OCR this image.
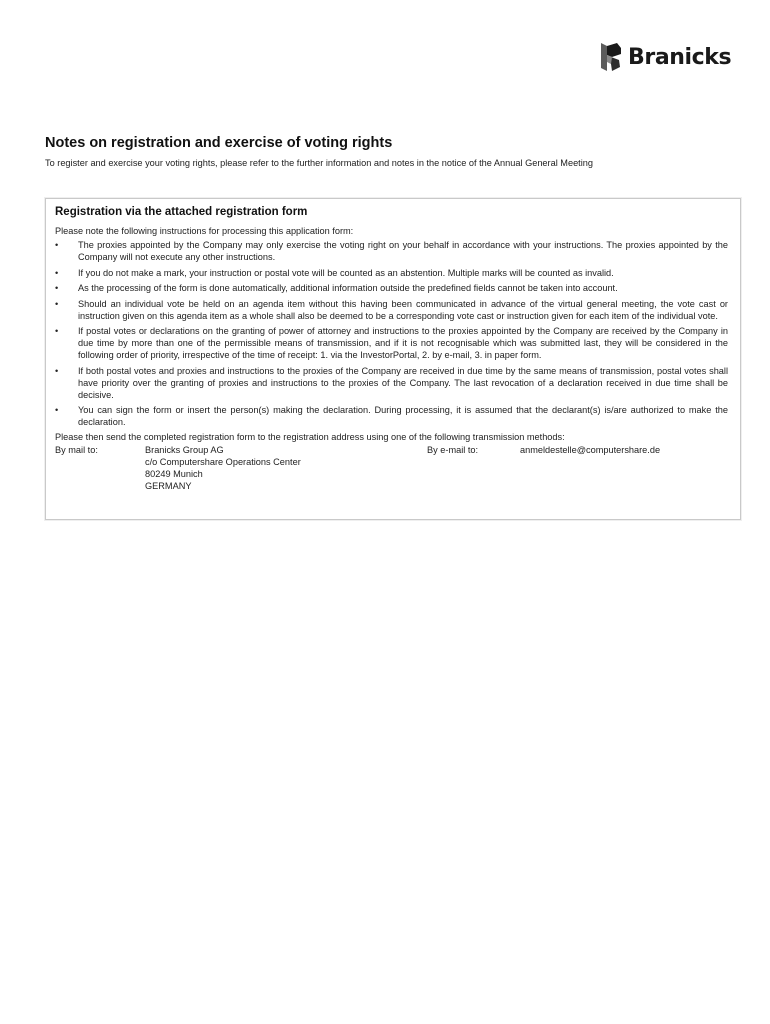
Branicks
Notes on registration and exercise of voting rights
To register and exercise your voting rights, please refer to the further information and notes in the notice of the Annual General Meeting
Registration via the attached registration form

Please note the following instructions for processing this application form:

• The proxies appointed by the Company may only exercise the voting right on your behalf in accordance with your instructions. The proxies appointed by the Company will not execute any other instructions.
• If you do not make a mark, your instruction or postal vote will be counted as an abstention. Multiple marks will be counted as invalid.
• As the processing of the form is done automatically, additional information outside the predefined fields cannot be taken into account.
• Should an individual vote be held on an agenda item without this having been communicated in advance of the virtual general meeting, the vote cast or instruction given on this agenda item as a whole shall also be deemed to be a corresponding vote cast or instruction given for each item of the individual vote.
• If postal votes or declarations on the granting of power of attorney and instructions to the proxies appointed by the Company are received by the Company in due time by more than one of the permissible means of transmission, and if it is not recognisable which was submitted last, they will be considered in the following order of priority, irrespective of the time of receipt: 1. via the InvestorPortal, 2. by e-mail, 3. in paper form.
• If both postal votes and proxies and instructions to the proxies of the Company are received in due time by the same means of transmission, postal votes shall have priority over the granting of proxies and instructions to the proxies of the Company. The last revocation of a declaration received in due time shall be decisive.
• You can sign the form or insert the person(s) making the declaration. During processing, it is assumed that the declarant(s) is/are authorized to make the declaration.

Please then send the completed registration form to the registration address using one of the following transmission methods:

By mail to:	Branicks Group AG
c/o Computershare Operations Center
80249 Munich
GERMANY
By e-mail to:	anmeldestelle@computershare.de
